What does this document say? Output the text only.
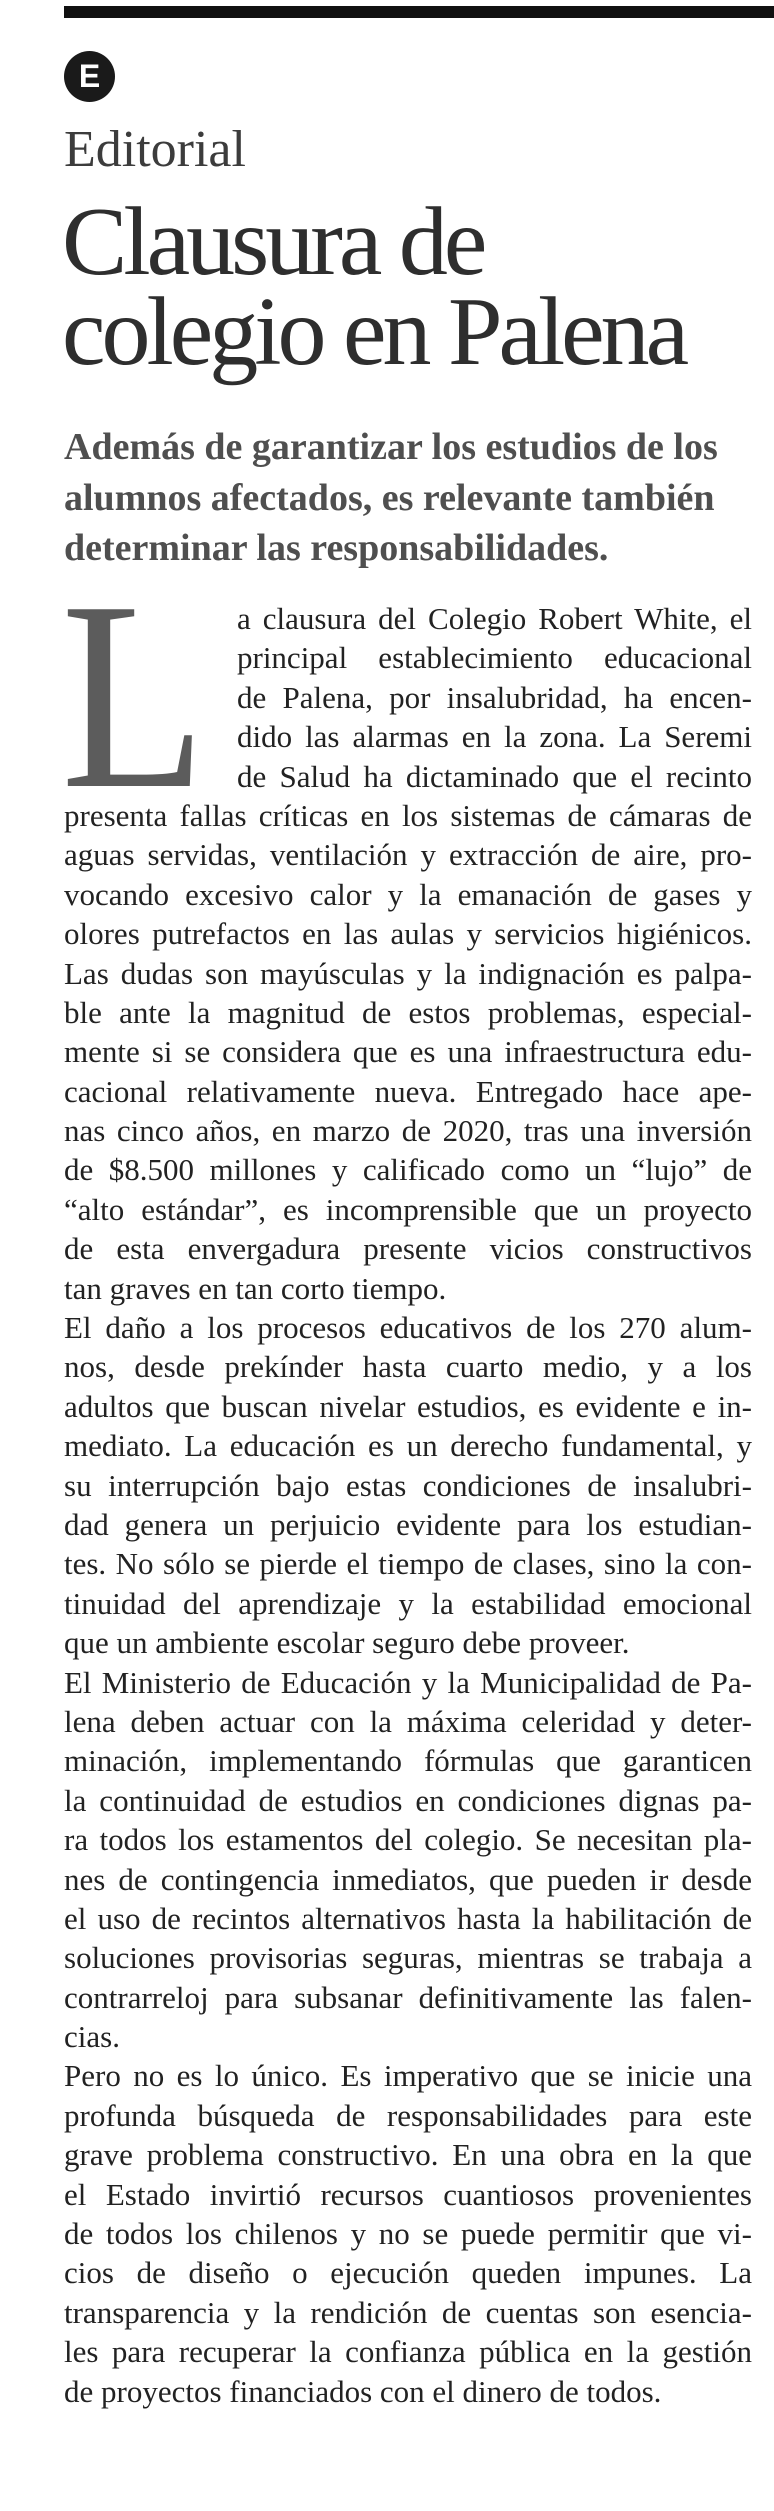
E
Editorial
Clausura de
colegio en Palena
Además de garantizar los estudios de los
alumnos afectados, es relevante también
determinar las responsabilidades.
L a clausura del Colegio Robert White, el
principal establecimiento educacional
de Palena, por insalubridad, ha encen-
dido las alarmas en la zona. La Seremi
de Salud ha dictaminado que el recinto
presenta fallas críticas en los sistemas de cámaras de
aguas servidas, ventilación y extracción de aire, pro-
vocando excesivo calor y la emanación de gases y
olores putrefactos en las aulas y servicios higiénicos.
Las dudas son mayúsculas y la indignación es palpa-
ble ante la magnitud de estos problemas, especial-
mente si se considera que es una infraestructura edu-
cacional relativamente nueva. Entregado hace ape-
nas cinco años, en marzo de 2020, tras una inversión
de $8.500 millones y calificado como un “lujo” de
“alto estándar”, es incomprensible que un proyecto
de esta envergadura presente vicios constructivos
tan graves en tan corto tiempo.
El daño a los procesos educativos de los 270 alum-
nos, desde prekínder hasta cuarto medio, y a los
adultos que buscan nivelar estudios, es evidente e in-
mediato. La educación es un derecho fundamental, y
su interrupción bajo estas condiciones de insalubri-
dad genera un perjuicio evidente para los estudian-
tes. No sólo se pierde el tiempo de clases, sino la con-
tinuidad del aprendizaje y la estabilidad emocional
que un ambiente escolar seguro debe proveer.
El Ministerio de Educación y la Municipalidad de Pa-
lena deben actuar con la máxima celeridad y deter-
minación, implementando fórmulas que garanticen
la continuidad de estudios en condiciones dignas pa-
ra todos los estamentos del colegio. Se necesitan pla-
nes de contingencia inmediatos, que pueden ir desde
el uso de recintos alternativos hasta la habilitación de
soluciones provisorias seguras, mientras se trabaja a
contrarreloj para subsanar definitivamente las falen-
cias.
Pero no es lo único. Es imperativo que se inicie una
profunda búsqueda de responsabilidades para este
grave problema constructivo. En una obra en la que
el Estado invirtió recursos cuantiosos provenientes
de todos los chilenos y no se puede permitir que vi-
cios de diseño o ejecución queden impunes. La
transparencia y la rendición de cuentas son esencia-
les para recuperar la confianza pública en la gestión
de proyectos financiados con el dinero de todos.
